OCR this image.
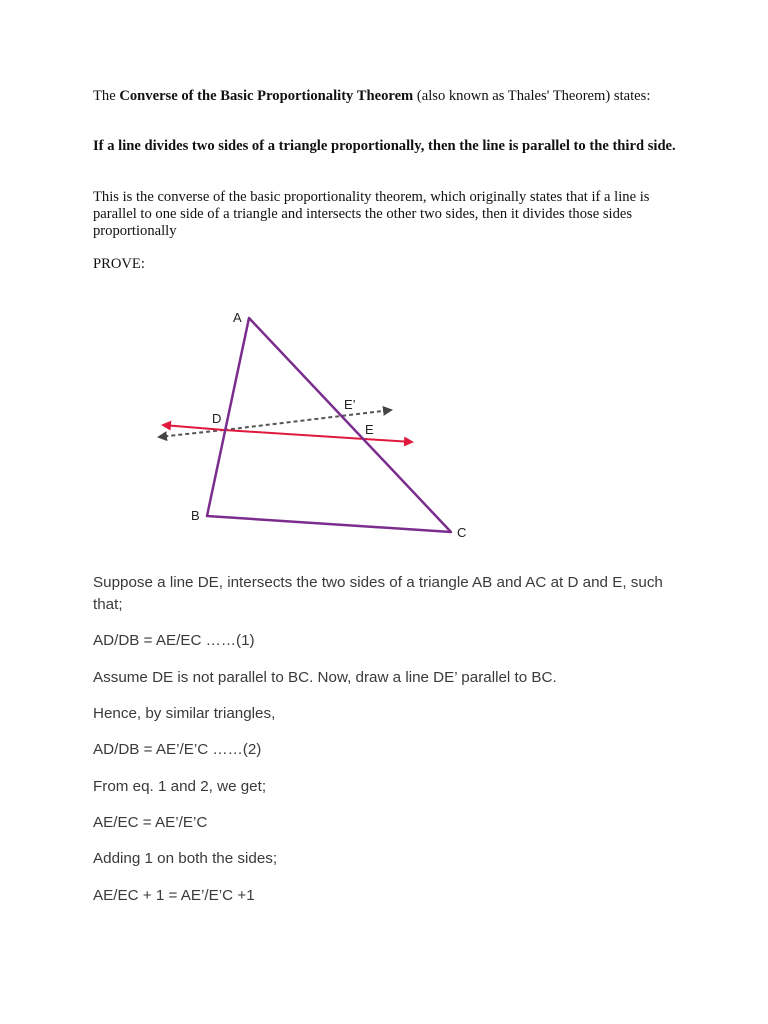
The Converse of the Basic Proportionality Theorem (also known as Thales' Theorem) states:
If a line divides two sides of a triangle proportionally, then the line is parallel to the third side.
This is the converse of the basic proportionality theorem, which originally states that if a line is parallel to one side of a triangle and intersects the other two sides, then it divides those sides proportionally
PROVE:
A
B
C
D
E
E’
Suppose a line DE, intersects the two sides of a triangle AB and AC at D and E, such that;
AD/DB = AE/EC ……(1)
Assume DE is not parallel to BC. Now, draw a line DE’ parallel to BC.
Hence, by similar triangles,
AD/DB = AE’/E’C ……(2)
From eq. 1 and 2, we get;
AE/EC = AE’/E’C
Adding 1 on both the sides;
AE/EC + 1 = AE’/E’C +1
